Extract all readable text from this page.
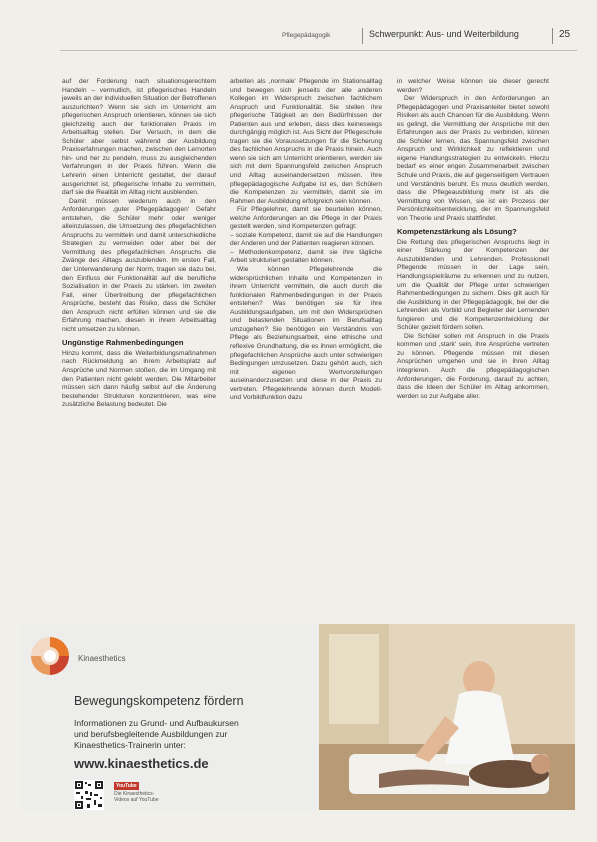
Pflegepädagogik	Schwerpunkt: Aus- und Weiterbildung	25

auf der Forderung nach situationsgerechtem Handeln – vermutlich, ist pflegerisches Handeln jeweils an der individuellen Situation der Betroffenen auszurichten? Wenn sie sich im Unterricht am pflegerischen Anspruch orientieren, können sie sich gleichzeitig auch der funktionalen Praxis im Arbeitsalltag stellen. Der Versuch, in dem die Schüler aber selbst während der Ausbildung Praxiserfahrungen machen, zwischen den Lernorten hin- und her zu pendeln, muss zu ausgleichenden Verfahrungen in der Praxis führen. Wenn die Lehrerin einen Unterricht gestaltet, der darauf ausgerichtet ist, pflegerische Inhalte zu vermitteln, darf sie die Realität im Alltag nicht ausblenden.

Damit müssen wiederum auch in den Anforderungen ,guter Pflegepädagogen' Gefahr entstehen, die Schüler mehr oder weniger alleinzulassen, die Umsetzung des pflegefachlichen Anspruchs zu vermitteln und damit unterschiedliche Strategien zu vermeiden oder aber bei der Vermittlung des pflegefachlichen Anspruchs die Zwänge des Alltags auszublenden. Im ersten Fall, der Unterwanderung der Norm, tragen sie dazu bei, den Einfluss der Funktionalität auf die berufliche Sozialisation in der Praxis zu stärken. Im zweiten Fall, einer Übertreibung der pflegefachlichen Ansprüche, besteht das Risiko, dass die Schüler den Anspruch nicht erfüllen können und sie die Erfahrung machen, diesen in ihrem Arbeitsalltag nicht umsetzen zu können.

Ungünstige Rahmenbedingungen

Hinzu kommt, dass die Weiterbildungsmaßnahmen nach Rückmeldung an ihrem Arbeitsplatz auf Ansprüche und Normen stoßen, die im Umgang mit den Patienten nicht gelebt werden. Die Mitarbeiter müssen sich dann häufig selbst auf die Änderung bestehender Strukturen konzentrieren, was eine zusätzliche Belastung bedeutet. Die

arbeiten als ,normale' Pflegende im Stationsalltag und bewegen sich jenseits der alle anderen Kollegen im Widerspruch zwischen fachlichem Anspruch und Funktionalität. Sie stellen ihre pflegerische Tätigkeit an den Bedürfnissen der Patienten aus und erleben, dass dies keineswegs durchgängig möglich ist. Aus Sicht der Pflegeschule tragen sie die Voraussetzungen für die Sicherung des fachlichen Anspruchs in die Praxis hinein. Auch wenn sie sich am Unterricht orientieren, werden sie sich mit dem Spannungsfeld zwischen Anspruch und Alltag auseinandersetzen müssen. Ihre pflegepädagogische Aufgabe ist es, den Schülern die Kompetenzen zu vermitteln, damit sie im Rahmen der Ausbildung erfolgreich sein können.

Für Pflegelehrer, damit sie beurteilen können, welche Anforderungen an die Pflege in der Praxis gestellt werden, sind Kompetenzen gefragt:

– soziale Kompetenz, damit sie auf die Handlungen der Anderen und der Patienten reagieren können.

– Methodenkompetenz, damit sie ihre tägliche Arbeit strukturiert gestalten können.

Wie können Pflegelehrende die widersprüchlichen Inhalte und Kompetenzen in ihrem Unterricht vermitteln, die auch durch die funktionalen Rahmenbedingungen in der Praxis entstehen? Was benötigen sie für ihre Ausbildungsaufgaben, um mit den Widersprüchen und belastenden Situationen im Berufsalltag umzugehen? Sie benötigen ein Verständnis von Pflege als Beziehungsarbeit, eine ethische und reflexive Grundhaltung, die es ihnen ermöglicht, die pflegefachlichen Ansprüche auch unter schwierigen Bedingungen umzusetzen. Dazu gehört auch, sich mit eigenen Wertvorstellungen auseinanderzusetzen und diese in der Praxis zu vertreten. Pflegelehrende können durch Modell- und Vorbildfunktion dazu

in welcher Weise können sie dieser gerecht werden?

Der Widerspruch in den Anforderungen an Pflegepädagogen und Praxisanleiter bietet sowohl Risiken als auch Chancen für die Ausbildung. Wenn es gelingt, die Vermittlung der Ansprüche mit den Erfahrungen aus der Praxis zu verbinden, können die Schüler lernen, das Spannungsfeld zwischen Anspruch und Wirklichkeit zu reflektieren und eigene Handlungsstrategien zu entwickeln. Hierzu bedarf es einer engen Zusammenarbeit zwischen Schule und Praxis, die auf gegenseitigem Vertrauen und Verständnis beruht. Es muss deutlich werden, dass die Pflegeausbildung mehr ist als die Vermittlung von Wissen, sie ist ein Prozess der Persönlichkeitsentwicklung, der im Spannungsfeld von Theorie und Praxis stattfindet.

Kompetenzstärkung als Lösung?

Die Rettung des pflegerischen Anspruchs liegt in einer Stärkung der Kompetenzen der Auszubildenden und Lehrenden. Professionell Pflegende müssen in der Lage sein, Handlungsspielräume zu erkennen und zu nutzen, um die Qualität der Pflege unter schwierigen Rahmenbedingungen zu sichern. Dies gilt auch für die Ausbildung in der Pflegepädagogik, bei der die Lehrenden als Vorbild und Begleiter der Lernenden fungieren und die Kompetenzentwicklung der Schüler gezielt fördern sollen.

Die Schüler sollen mit Anspruch in die Praxis kommen und ,stark' sein, ihre Ansprüche vertreten zu können. Pflegende müssen mit diesen Ansprüchen umgehen und sie in ihren Alltag integrieren. Auch die pflegepädagogischen Anforderungen, die Forderung, darauf zu achten, dass die Ideen der Schüler im Alltag ankommen, werden so zur Aufgabe aller.

Kinaesthetics
Bewegungskompetenz fördern
Informationen zu Grund- und Aufbaukursen
und berufsbegleitende Ausbildungen zur
Kinaesthetics-Trainerin unter:
www.kinaesthetics.de
YouTube
Die Kinaesthetics-
Videos auf YouTube
